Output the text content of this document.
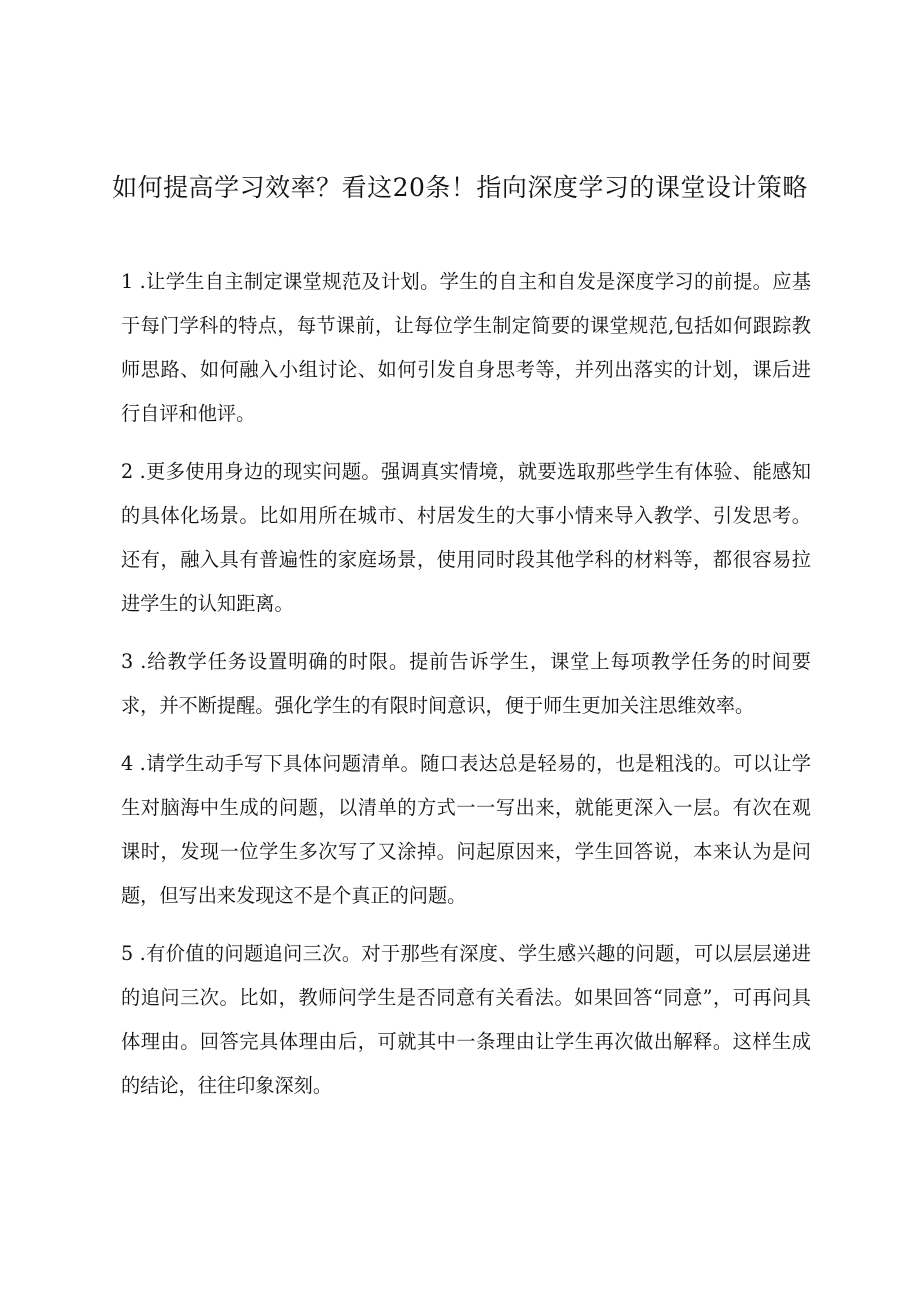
如何提高学习效率？看这20条！指向深度学习的课堂设计策略

1 .让学生自主制定课堂规范及计划。学生的自主和自发是深度学习的前提。应基于每门学科的特点，每节课前，让每位学生制定简要的课堂规范,包括如何跟踪教师思路、如何融入小组讨论、如何引发自身思考等，并列出落实的计划，课后进行自评和他评。

2 .更多使用身边的现实问题。强调真实情境，就要选取那些学生有体验、能感知的具体化场景。比如用所在城市、村居发生的大事小情来导入教学、引发思考。还有，融入具有普遍性的家庭场景，使用同时段其他学科的材料等，都很容易拉进学生的认知距离。

3 .给教学任务设置明确的时限。提前告诉学生，课堂上每项教学任务的时间要求，并不断提醒。强化学生的有限时间意识，便于师生更加关注思维效率。

4 .请学生动手写下具体问题清单。随口表达总是轻易的，也是粗浅的。可以让学生对脑海中生成的问题，以清单的方式一一写出来，就能更深入一层。有次在观课时，发现一位学生多次写了又涂掉。问起原因来，学生回答说，本来认为是问题，但写出来发现这不是个真正的问题。

5 .有价值的问题追问三次。对于那些有深度、学生感兴趣的问题，可以层层递进的追问三次。比如，教师问学生是否同意有关看法。如果回答“同意”，可再问具体理由。回答完具体理由后，可就其中一条理由让学生再次做出解释。这样生成的结论，往往印象深刻。
